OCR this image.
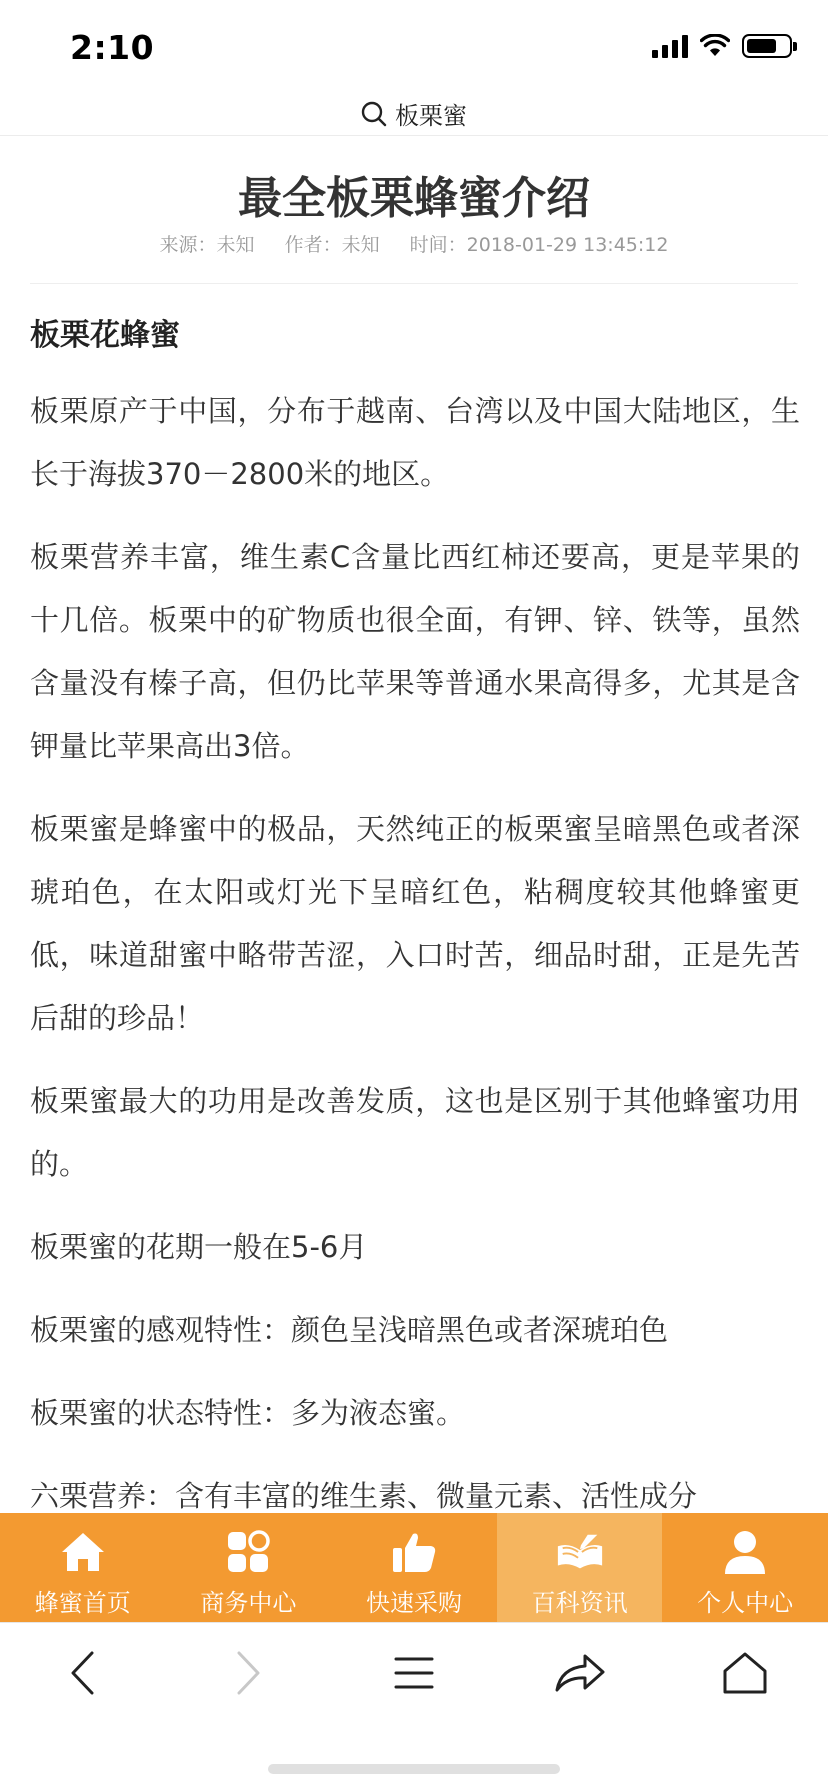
2:10
板栗蜜
最全板栗蜂蜜介绍
来源：未知 作者：未知 时间：2018-01-29 13:45:12
板栗花蜂蜜

板栗原产于中国，分布于越南、台湾以及中国大陆地区，生长于海拔370－2800米的地区。

板栗营养丰富，维生素C含量比西红柿还要高，更是苹果的十几倍。板栗中的矿物质也很全面，有钾、锌、铁等，虽然含量没有榛子高，但仍比苹果等普通水果高得多，尤其是含钾量比苹果高出3倍。

板栗蜜是蜂蜜中的极品，天然纯正的板栗蜜呈暗黑色或者深琥珀色，在太阳或灯光下呈暗红色，粘稠度较其他蜂蜜更低，味道甜蜜中略带苦涩，入口时苦，细品时甜，正是先苦后甜的珍品！

板栗蜜最大的功用是改善发质，这也是区别于其他蜂蜜功用的。

板栗蜜的花期一般在5-6月

板栗蜜的感观特性：颜色呈浅暗黑色或者深琥珀色

板栗蜜的状态特性：多为液态蜜。

六栗营养：含有丰富的维生素、微量元素、活性成分

蜂蜜首页	商务中心	快速采购	百科资讯	个人中心
